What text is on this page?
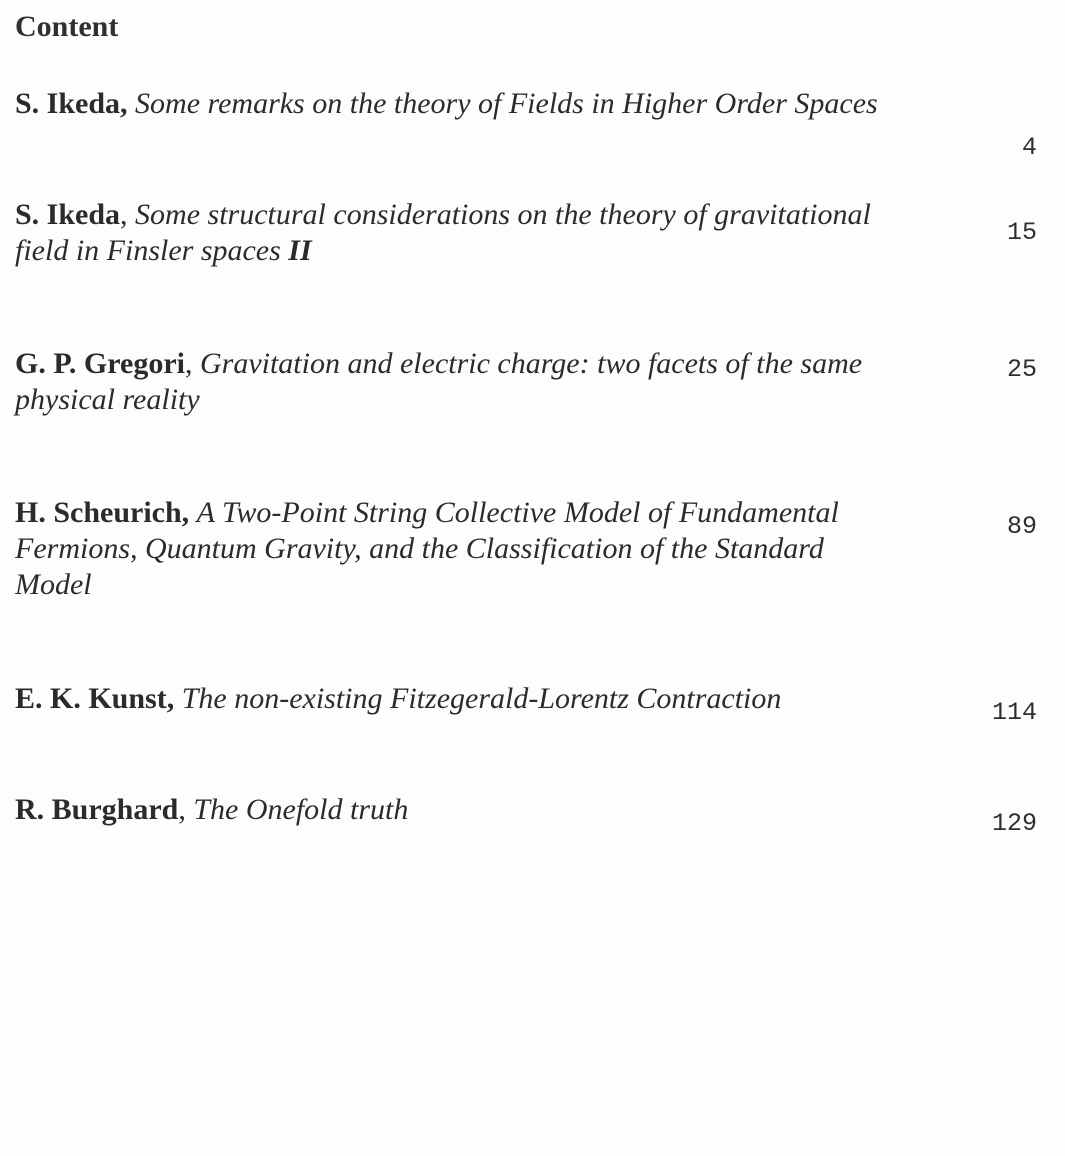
Content
S. Ikeda, Some remarks on the theory of Fields in Higher Order Spaces
4
S. Ikeda, Some structural considerations on the theory of gravitational field in Finsler spaces II
15
G. P. Gregori, Gravitation and electric charge: two facets of the same physical reality
25
H. Scheurich, A Two-Point String Collective Model of Fundamental Fermions, Quantum Gravity, and the Classification of the Standard Model
89
E. K. Kunst, The non-existing Fitzegerald-Lorentz Contraction	114
R. Burghard, The Onefold truth	129
